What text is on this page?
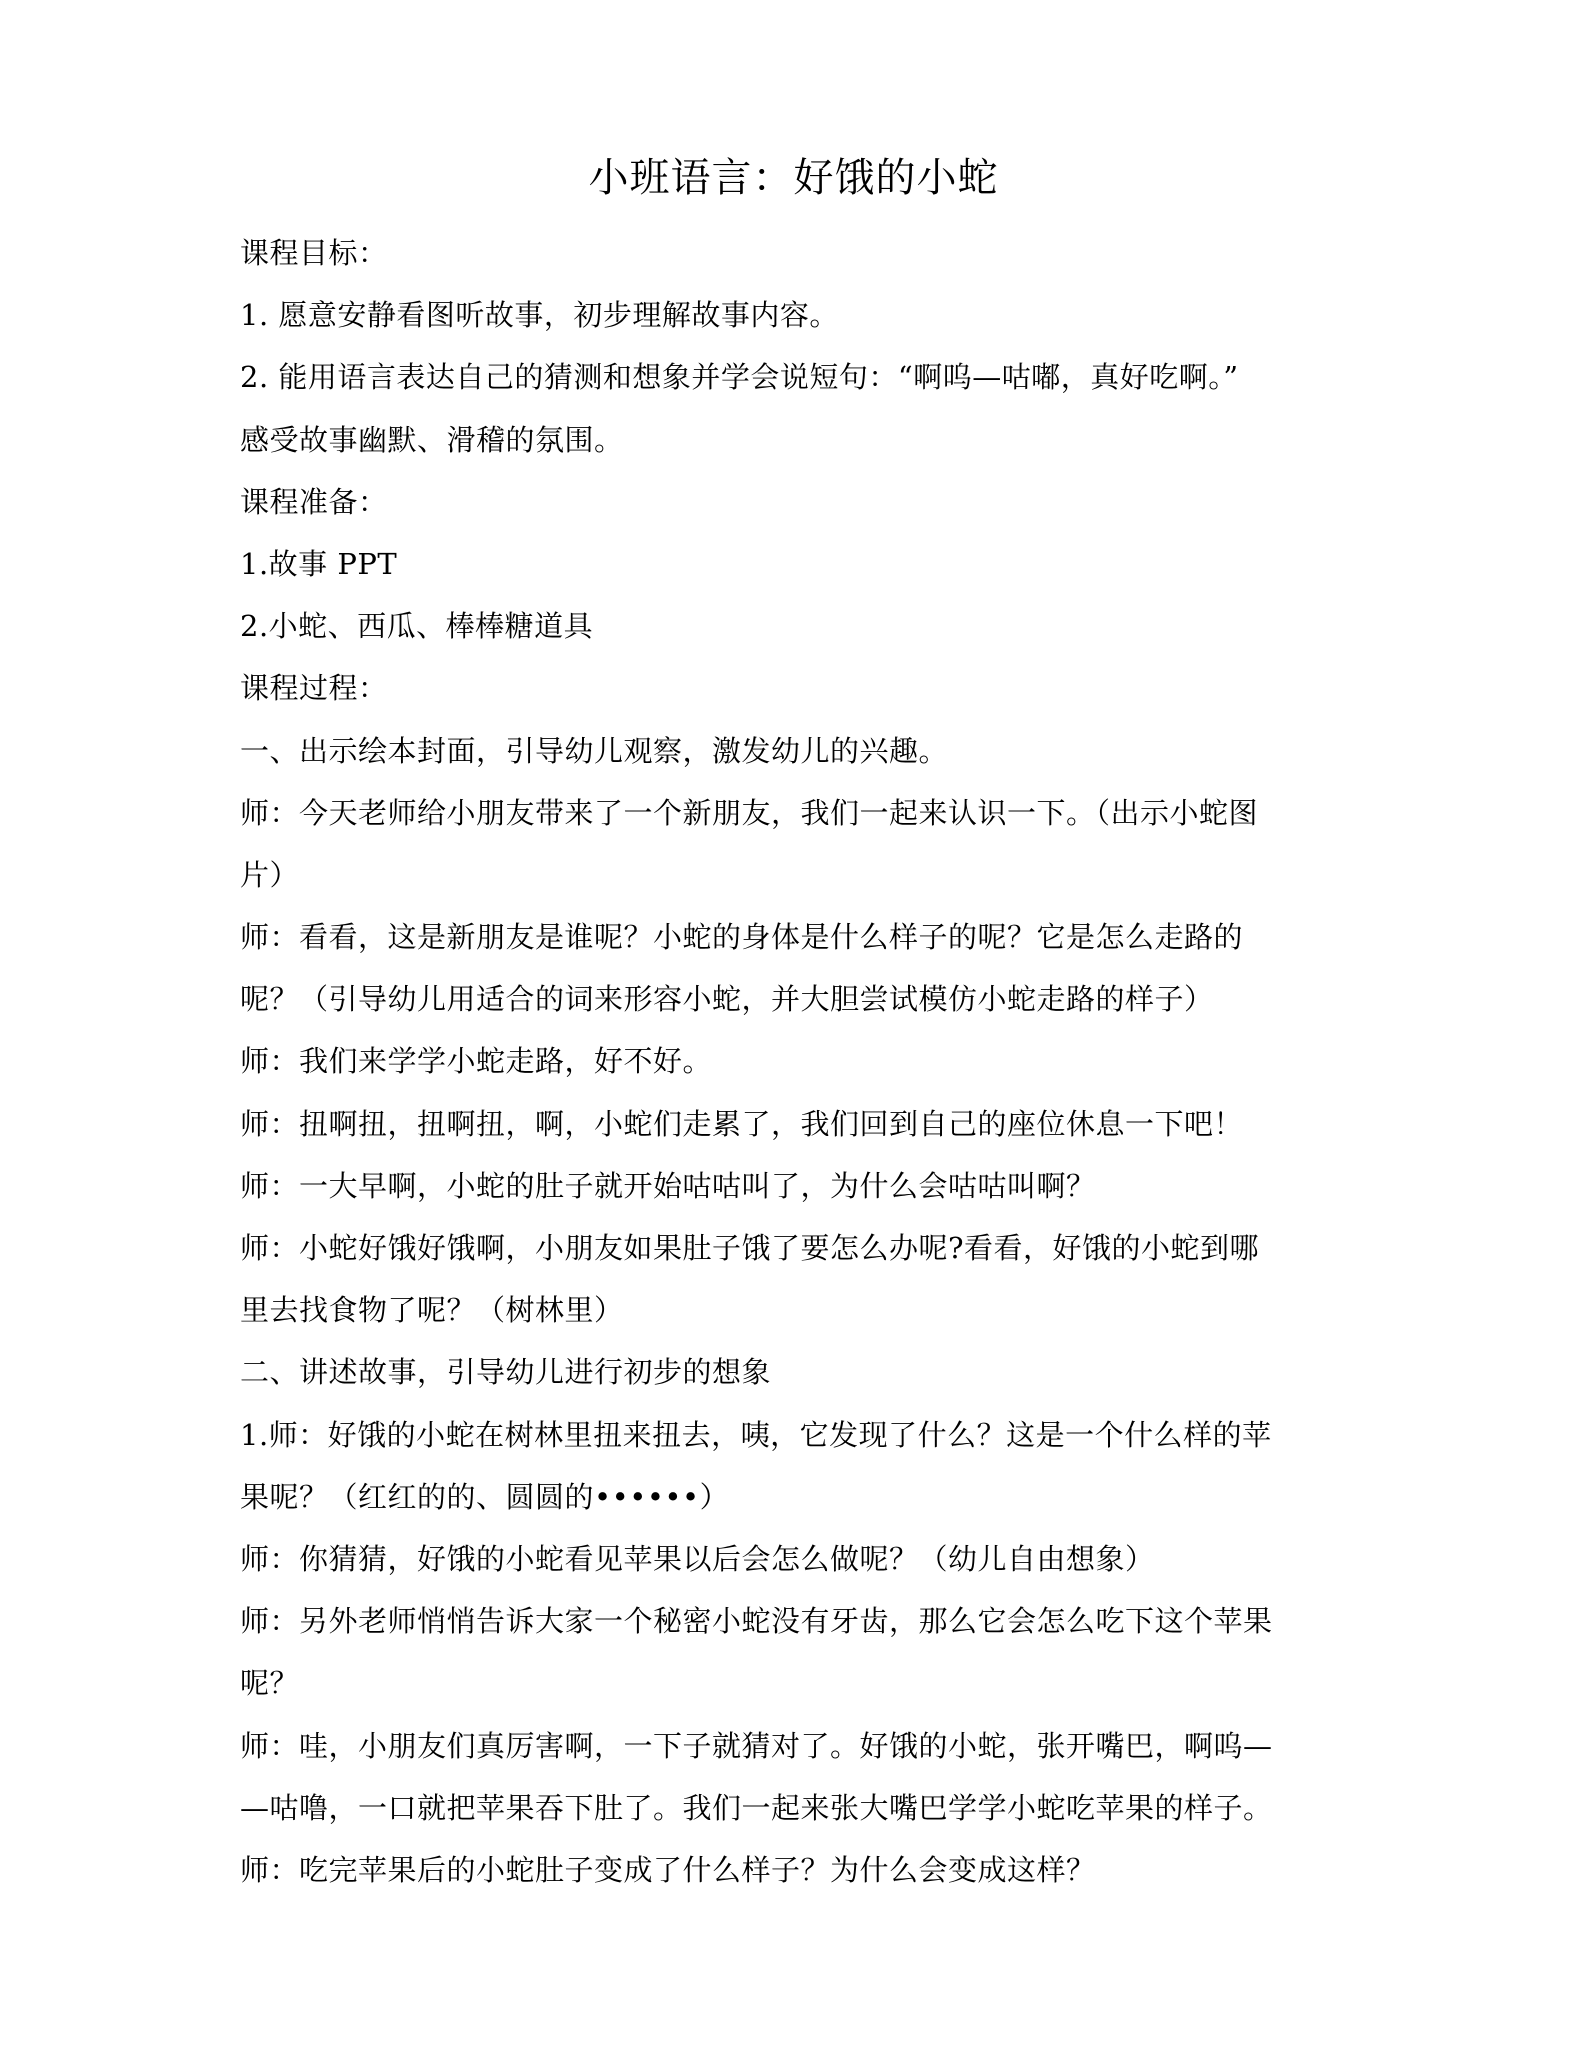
小班语言：好饿的小蛇

课程目标：

1. 愿意安静看图听故事，初步理解故事内容。

2. 能用语言表达自己的猜测和想象并学会说短句：“啊呜—咕嘟，真好吃啊。”

感受故事幽默、滑稽的氛围。

课程准备：

1.故事 PPT

2.小蛇、西瓜、棒棒糖道具

课程过程：

一、出示绘本封面，引导幼儿观察，激发幼儿的兴趣。

师：今天老师给小朋友带来了一个新朋友，我们一起来认识一下。（出示小蛇图

片）

师：看看，这是新朋友是谁呢？小蛇的身体是什么样子的呢？它是怎么走路的

呢？（引导幼儿用适合的词来形容小蛇，并大胆尝试模仿小蛇走路的样子）

师：我们来学学小蛇走路，好不好。

师：扭啊扭，扭啊扭，啊，小蛇们走累了，我们回到自己的座位休息一下吧！

师：一大早啊，小蛇的肚子就开始咕咕叫了，为什么会咕咕叫啊？

师：小蛇好饿好饿啊，小朋友如果肚子饿了要怎么办呢?看看，好饿的小蛇到哪

里去找食物了呢？（树林里）

二、讲述故事，引导幼儿进行初步的想象

1.师：好饿的小蛇在树林里扭来扭去，咦，它发现了什么？这是一个什么样的苹

果呢？（红红的的、圆圆的••••••）

师：你猜猜，好饿的小蛇看见苹果以后会怎么做呢？（幼儿自由想象）

师：另外老师悄悄告诉大家一个秘密小蛇没有牙齿，那么它会怎么吃下这个苹果

呢？

师：哇，小朋友们真厉害啊，一下子就猜对了。好饿的小蛇，张开嘴巴，啊呜—

—咕噜，一口就把苹果吞下肚了。我们一起来张大嘴巴学学小蛇吃苹果的样子。

师：吃完苹果后的小蛇肚子变成了什么样子？为什么会变成这样？
